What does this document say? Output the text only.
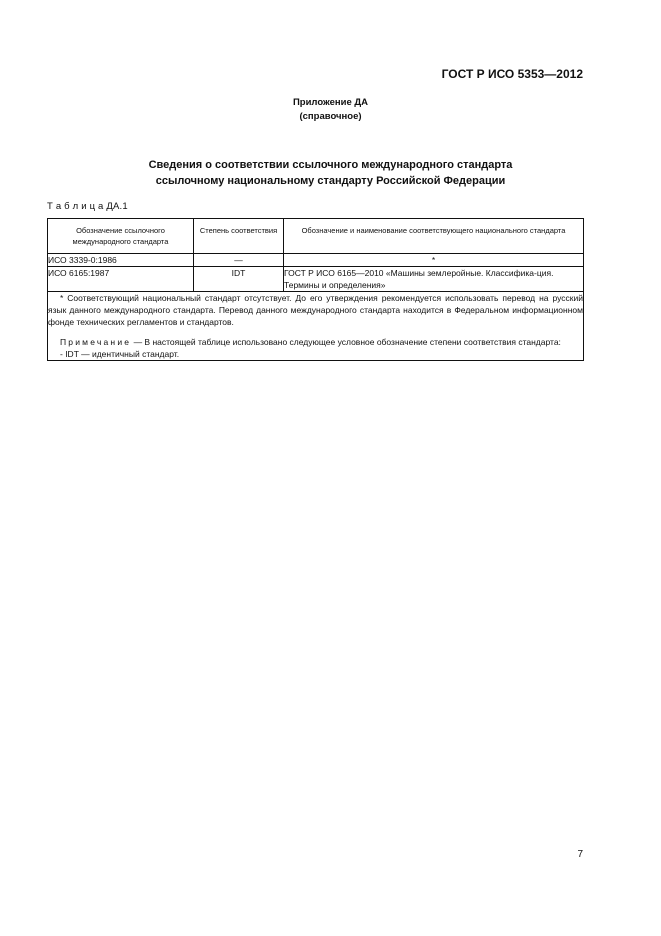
ГОСТ Р ИСО 5353—2012
Приложение ДА
(справочное)
Сведения о соответствии ссылочного международного стандарта
ссылочному национальному стандарту Российской Федерации
Т а б л и ц а ДА.1
Обозначение ссылочного международного стандарта	Степень соответствия	Обозначение и наименование соответствующего национального стандарта
ИСО 3339-0:1986	—	*
ИСО 6165:1987	IDT	ГОСТ Р ИСО 6165—2010 «Машины землеройные. Классифика-ция. Термины и определения»

* Соответствующий национальный стандарт отсутствует. До его утверждения рекомендуется использовать перевод на русский язык данного международного стандарта. Перевод данного международного стандарта находится в Федеральном информационном фонде технических регламентов и стандартов.

Примечание — В настоящей таблице использовано следующее условное обозначение степени соответствия стандарта:

- IDT — идентичный стандарт.		
7
